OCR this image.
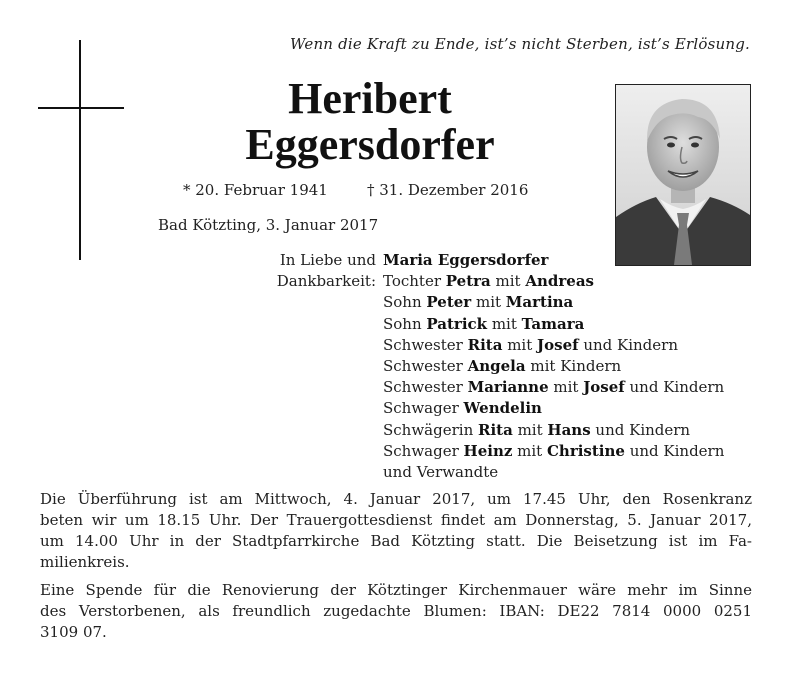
Wenn die Kraft zu Ende, ist’s nicht Sterben, ist’s Erlösung.
Heribert
Eggersdorfer
* 20. Februar 1941	† 31. Dezember 2016
Bad Kötzting, 3. Januar 2017
In Liebe und
Dankbarkeit:
Maria Eggersdorfer
Tochter Petra mit Andreas
Sohn Peter mit Martina
Sohn Patrick mit Tamara
Schwester Rita mit Josef und Kindern
Schwester Angela mit Kindern
Schwester Marianne mit Josef und Kindern
Schwager Wendelin
Schwägerin Rita mit Hans und Kindern
Schwager Heinz mit Christine und Kindern
und Verwandte
Die Überführung ist am Mittwoch, 4. Januar 2017, um 17.45 Uhr, den Rosenkranz
beten wir um 18.15 Uhr. Der Trauergottesdienst findet am Donnerstag, 5. Januar 2017,
um 14.00 Uhr in der Stadtpfarrkirche Bad Kötzting statt. Die Beisetzung ist im Fa-
milienkreis.
Eine Spende für die Renovierung der Kötztinger Kirchenmauer wäre mehr im Sinne
des Verstorbenen, als freundlich zugedachte Blumen: IBAN: DE22 7814 0000 0251
3109 07.
